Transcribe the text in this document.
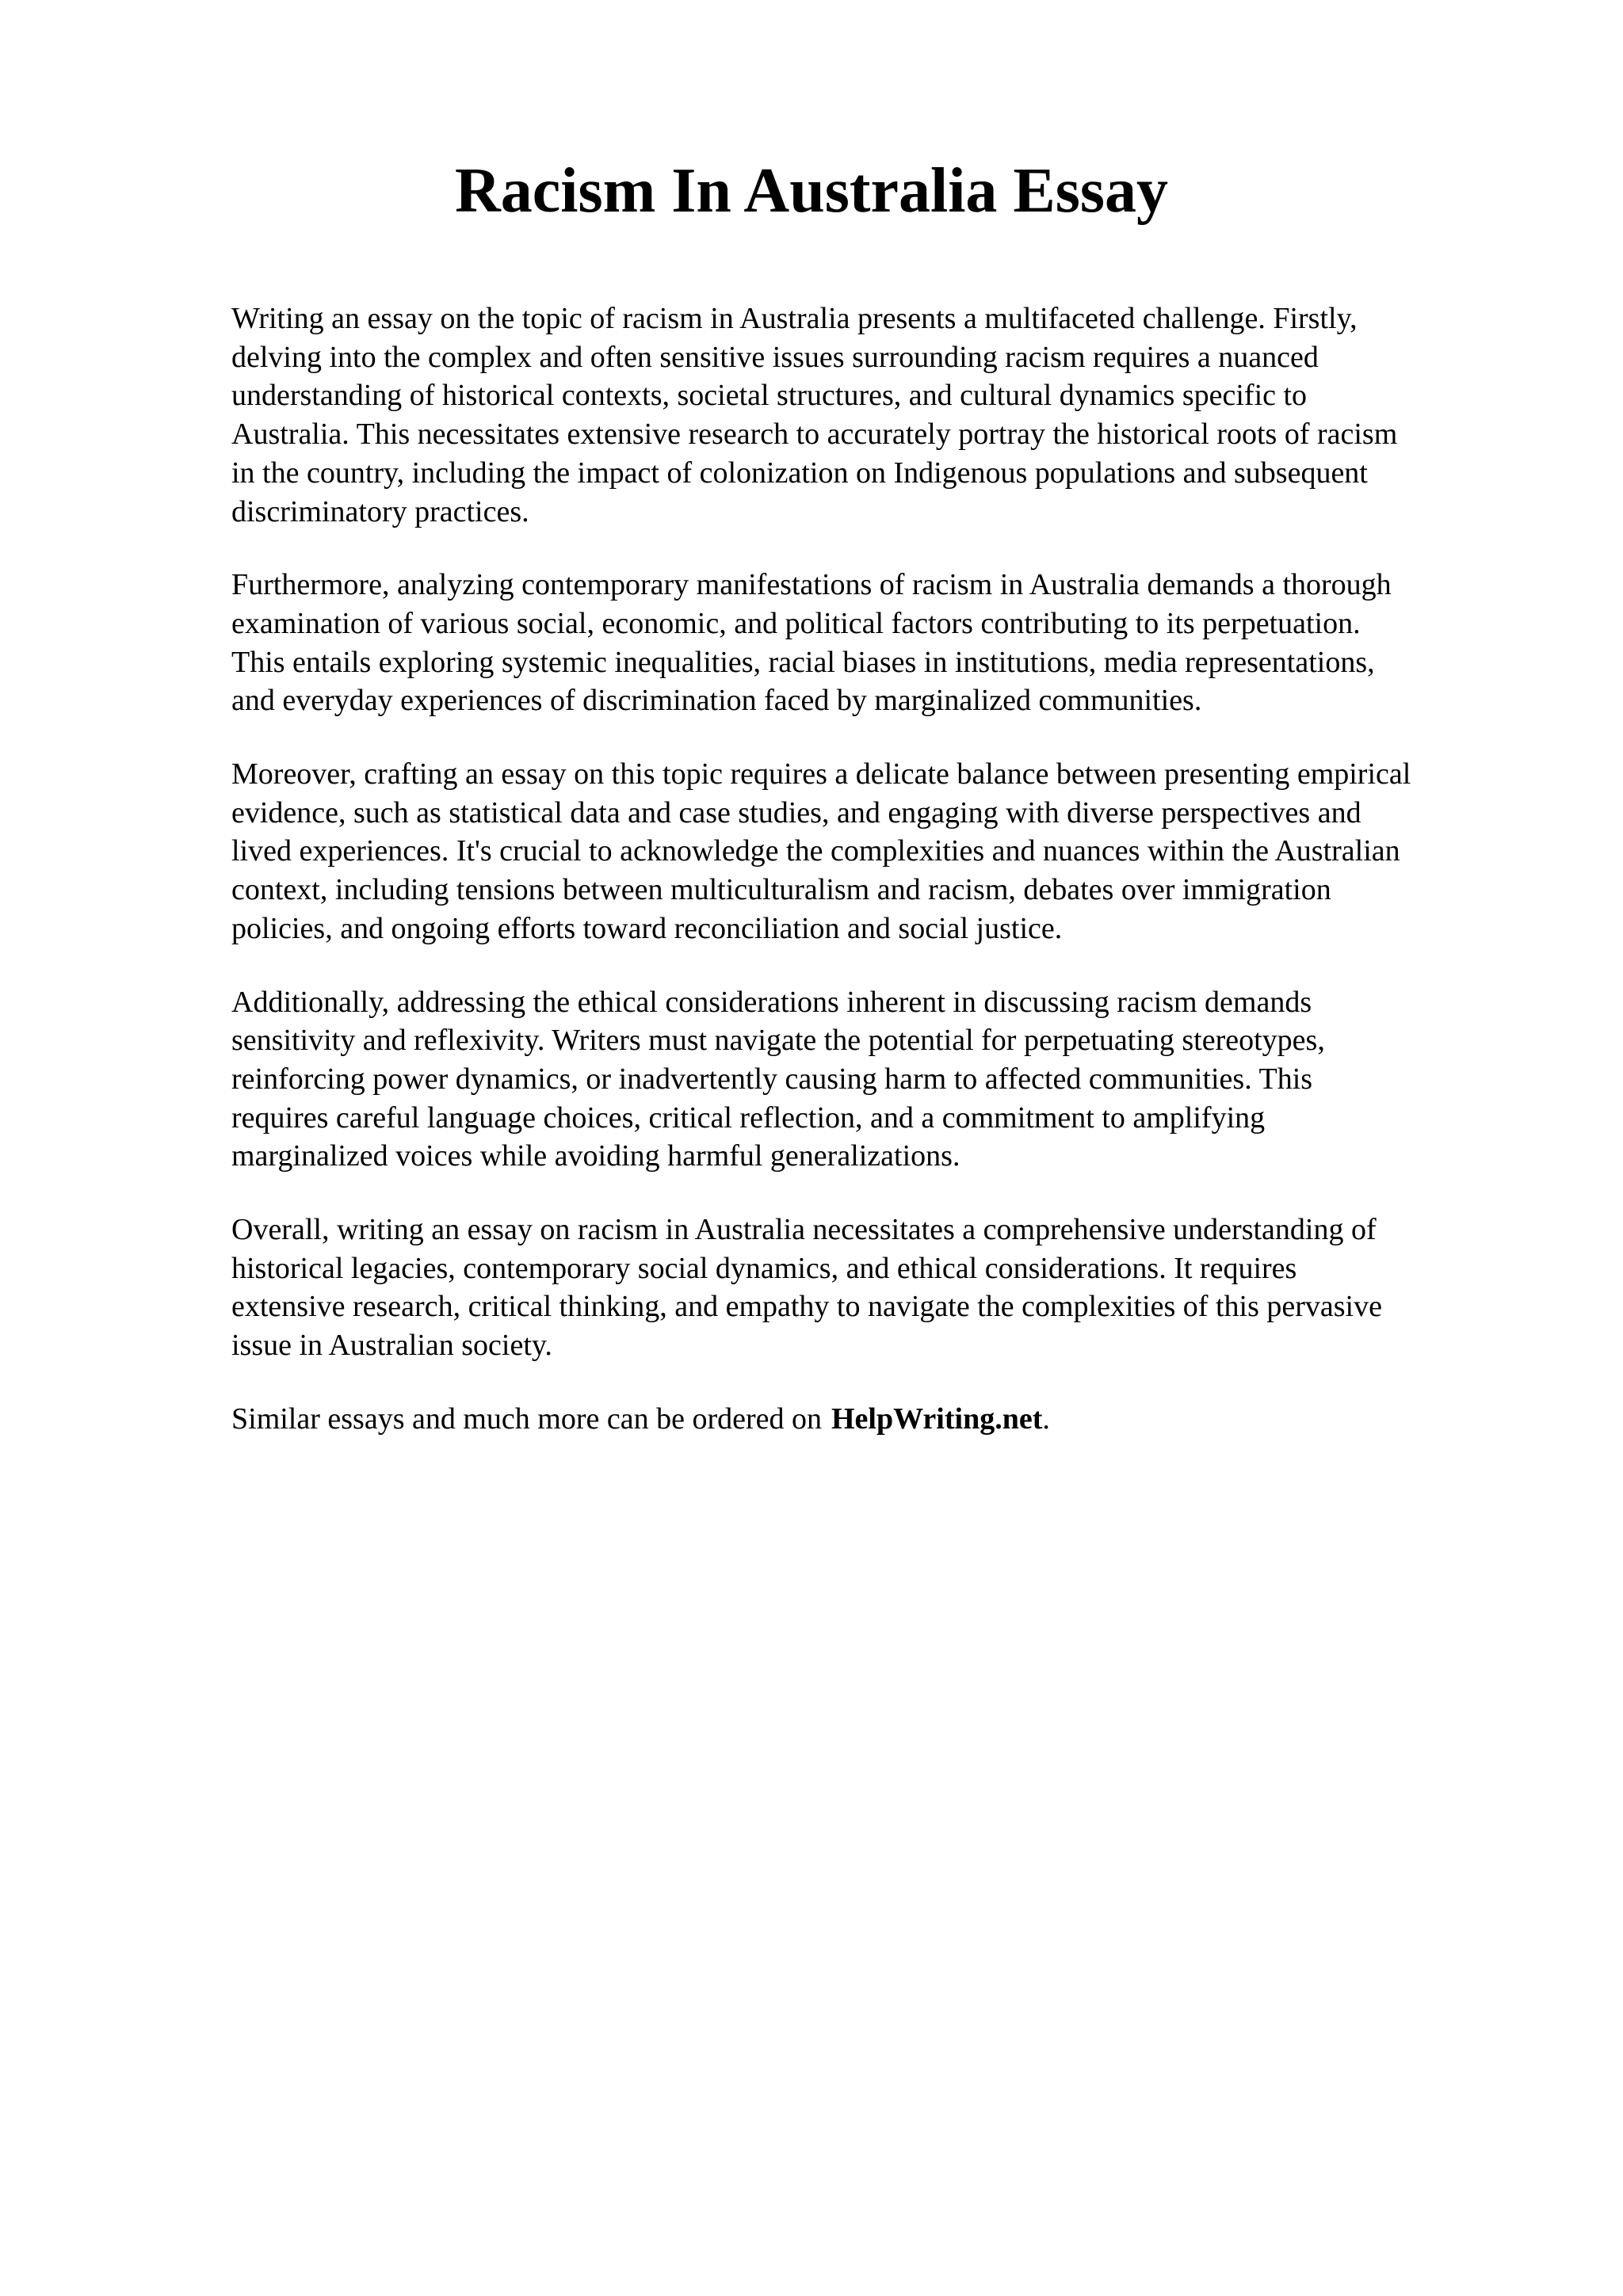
Racism In Australia Essay
Writing an essay on the topic of racism in Australia presents a multifaceted challenge. Firstly,
delving into the complex and often sensitive issues surrounding racism requires a nuanced
understanding of historical contexts, societal structures, and cultural dynamics specific to
Australia. This necessitates extensive research to accurately portray the historical roots of racism
in the country, including the impact of colonization on Indigenous populations and subsequent
discriminatory practices.
Furthermore, analyzing contemporary manifestations of racism in Australia demands a thorough
examination of various social, economic, and political factors contributing to its perpetuation.
This entails exploring systemic inequalities, racial biases in institutions, media representations,
and everyday experiences of discrimination faced by marginalized communities.
Moreover, crafting an essay on this topic requires a delicate balance between presenting empirical
evidence, such as statistical data and case studies, and engaging with diverse perspectives and
lived experiences. It's crucial to acknowledge the complexities and nuances within the Australian
context, including tensions between multiculturalism and racism, debates over immigration
policies, and ongoing efforts toward reconciliation and social justice.
Additionally, addressing the ethical considerations inherent in discussing racism demands
sensitivity and reflexivity. Writers must navigate the potential for perpetuating stereotypes,
reinforcing power dynamics, or inadvertently causing harm to affected communities. This
requires careful language choices, critical reflection, and a commitment to amplifying
marginalized voices while avoiding harmful generalizations.
Overall, writing an essay on racism in Australia necessitates a comprehensive understanding of
historical legacies, contemporary social dynamics, and ethical considerations. It requires
extensive research, critical thinking, and empathy to navigate the complexities of this pervasive
issue in Australian society.
Similar essays and much more can be ordered on HelpWriting.net.
